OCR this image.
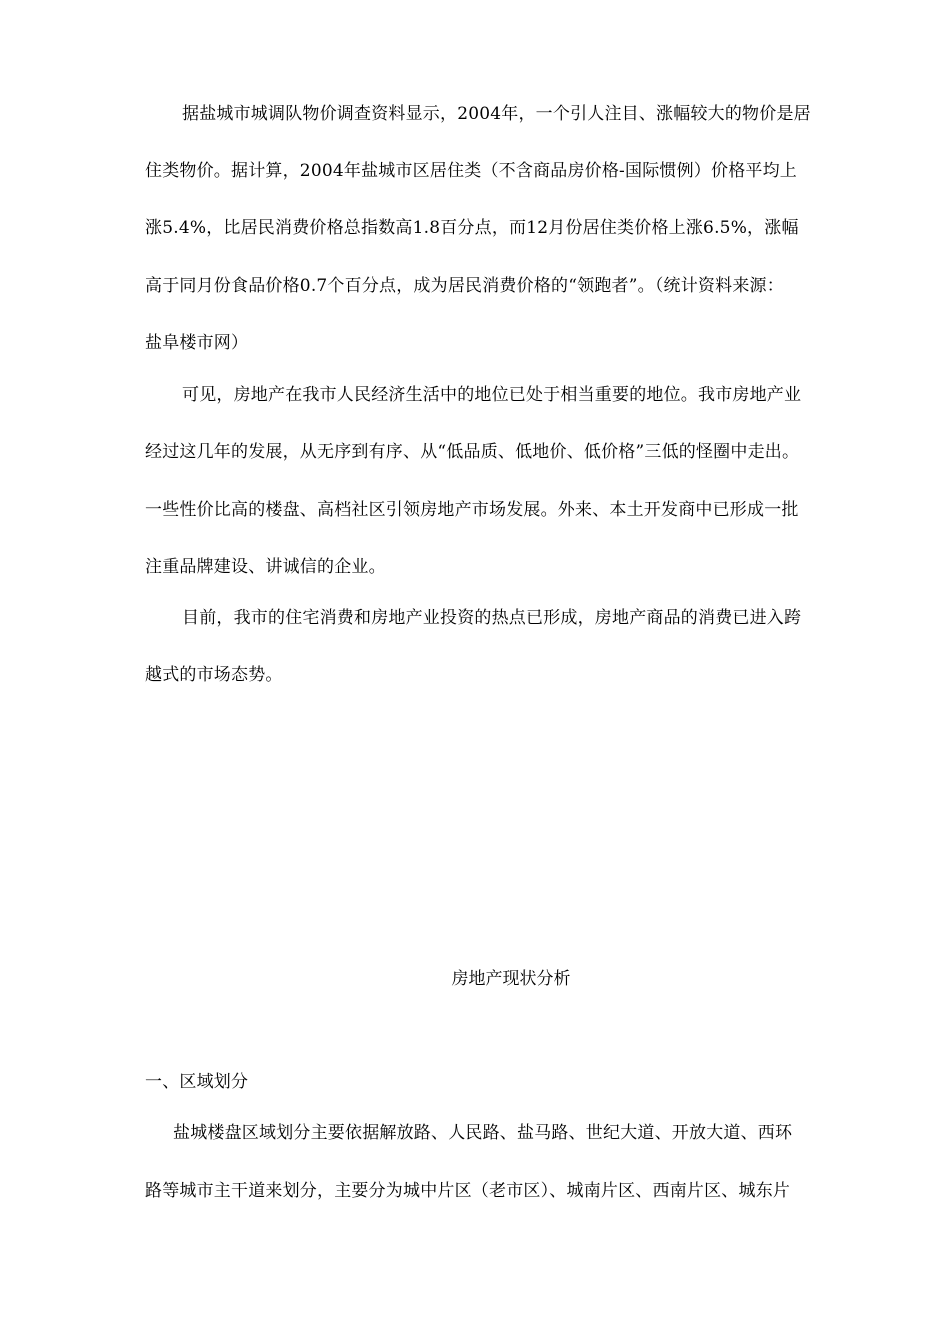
据盐城市城调队物价调查资料显示，2004年，一个引人注目、涨幅较大的物价是居
住类物价。据计算，2004年盐城市区居住类（不含商品房价格-国际惯例）价格平均上
涨5.4%，比居民消费价格总指数高1.8百分点，而12月份居住类价格上涨6.5%，涨幅
高于同月份食品价格0.7个百分点，成为居民消费价格的“领跑者”。（统计资料来源：
盐阜楼市网）
可见，房地产在我市人民经济生活中的地位已处于相当重要的地位。我市房地产业
经过这几年的发展，从无序到有序、从“低品质、低地价、低价格”三低的怪圈中走出。
一些性价比高的楼盘、高档社区引领房地产市场发展。外来、本土开发商中已形成一批
注重品牌建设、讲诚信的企业。
目前，我市的住宅消费和房地产业投资的热点已形成，房地产商品的消费已进入跨
越式的市场态势。
房地产现状分析
一、区域划分
盐城楼盘区域划分主要依据解放路、人民路、盐马路、世纪大道、开放大道、西环
路等城市主干道来划分，主要分为城中片区（老市区）、城南片区、西南片区、城东片
